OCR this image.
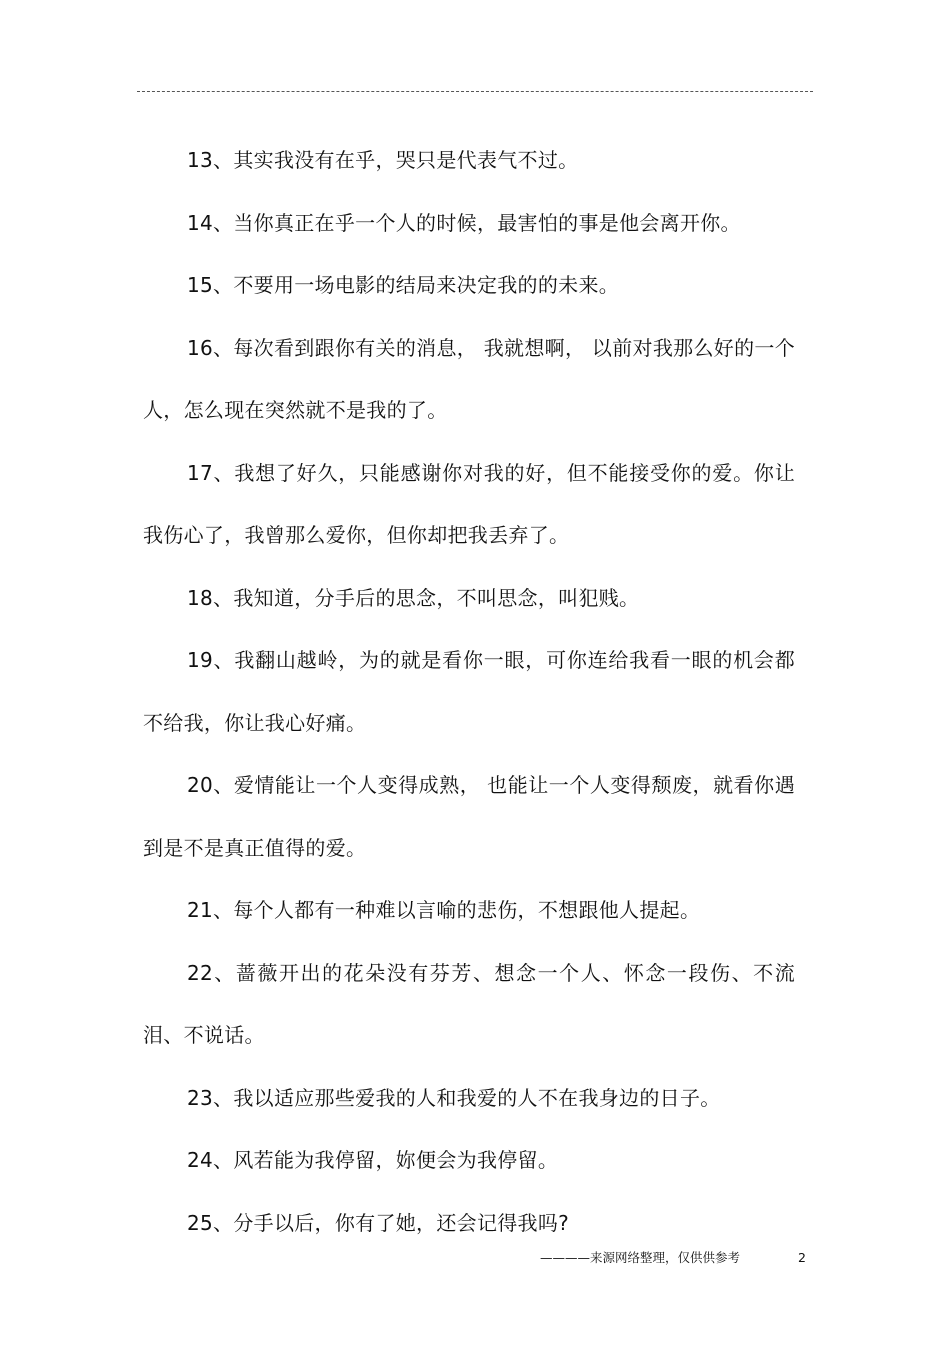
13、其实我没有在乎，哭只是代表气不过。

14、当你真正在乎一个人的时候，最害怕的事是他会离开你。

15、不要用一场电影的结局来决定我的的未来。

16、每次看到跟你有关的消息， 我就想啊， 以前对我那么好的一个人，怎么现在突然就不是我的了。

17、我想了好久，只能感谢你对我的好，但不能接受你的爱。你让我伤心了，我曾那么爱你，但你却把我丢弃了。

18、我知道，分手后的思念，不叫思念，叫犯贱。

19、我翻山越岭，为的就是看你一眼，可你连给我看一眼的机会都不给我，你让我心好痛。

20、爱情能让一个人变得成熟， 也能让一个人变得颓废，就看你遇到是不是真正值得的爱。

21、每个人都有一种难以言喻的悲伤，不想跟他人提起。

22、蔷薇开出的花朵没有芬芳、想念一个人、怀念一段伤、不流泪、不说话。

23、我以适应那些爱我的人和我爱的人不在我身边的日子。

24、风若能为我停留，妳便会为我停留。

25、分手以后，你有了她，还会记得我吗?

————来源网络整理，仅供供参考	2
